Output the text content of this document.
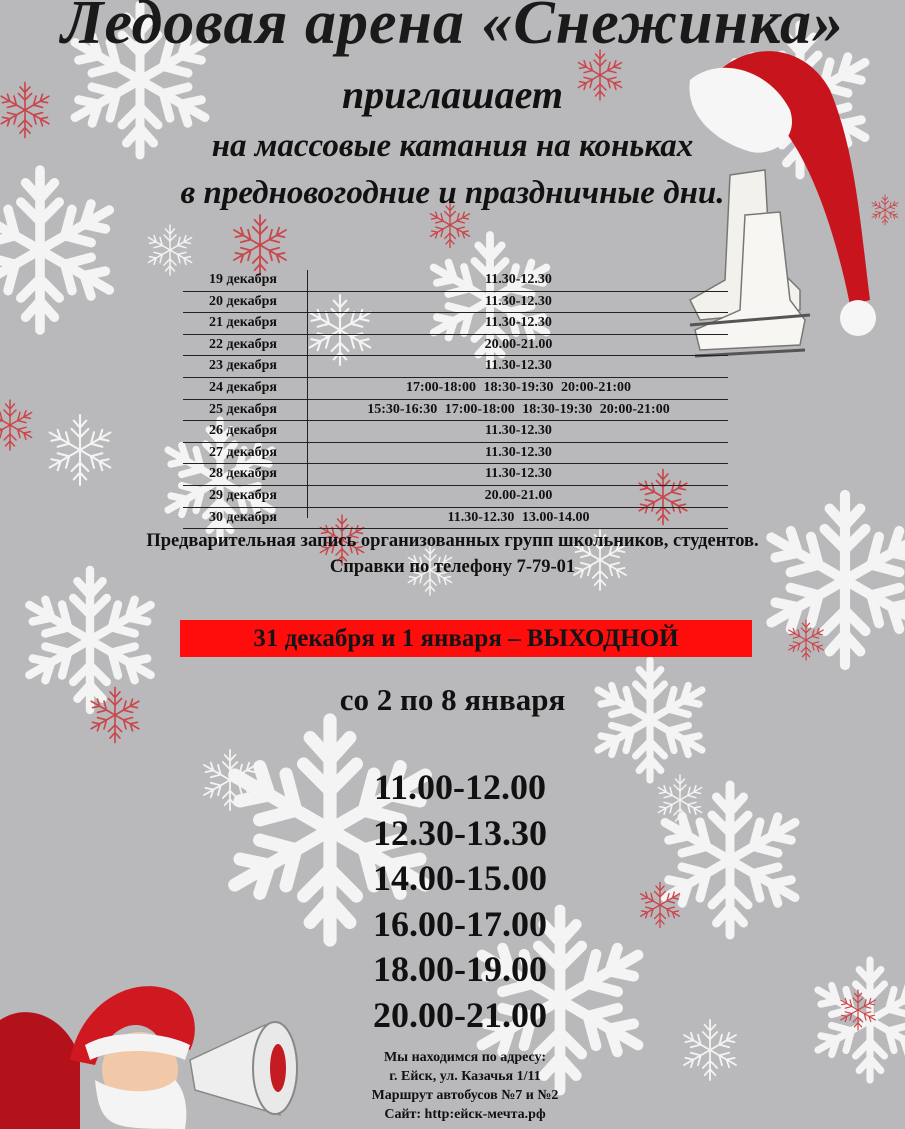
Ледовая арена «Снежинка»
приглашает
на массовые катания на коньках
в предновогодние и праздничные дни.
19 декабря	11.30-12.30
20 декабря	11.30-12.30
21 декабря	11.30-12.30
22 декабря	20.00-21.00
23 декабря	11.30-12.30
24 декабря	17:00-18:00 18:30-19:30 20:00-21:00
25 декабря	15:30-16:30 17:00-18:00 18:30-19:30 20:00-21:00
26 декабря	11.30-12.30
27 декабря	11.30-12.30
28 декабря	11.30-12.30
29 декабря	20.00-21.00
30 декабря	11.30-12.30 13.00-14.00
Предварительная запись организованных групп школьников, студентов.
Справки по телефону 7-79-01
31 декабря и 1 января – ВЫХОДНОЙ
со 2 по 8 января
11.00-12.00
12.30-13.30
14.00-15.00
16.00-17.00
18.00-19.00
20.00-21.00
Мы находимся по адресу:
г. Ейск, ул. Казачья 1/11
Маршрут автобусов №7 и №2
Сайт: http:ейск-мечта.рф
